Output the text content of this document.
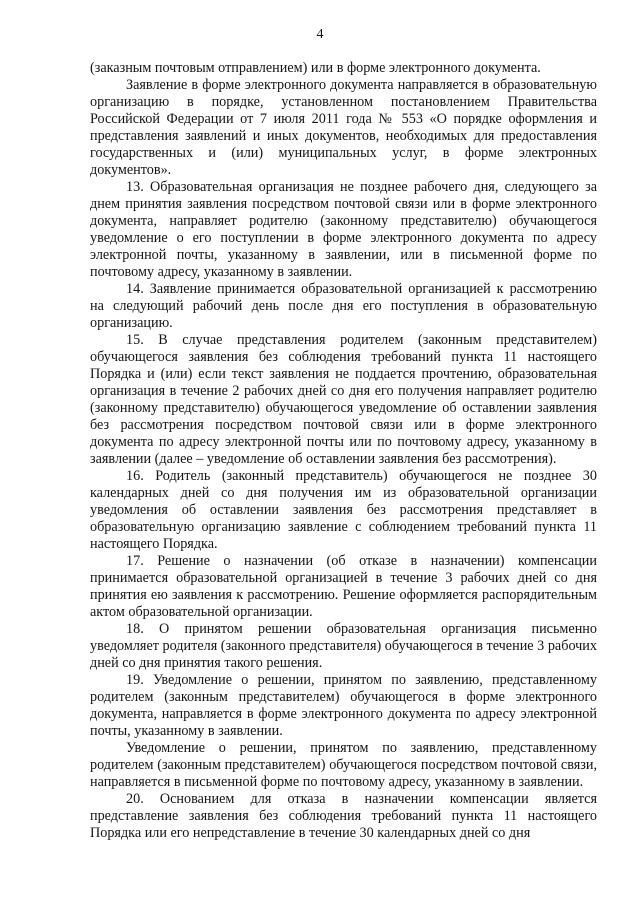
4

(заказным почтовым отправлением) или в форме электронного документа.

Заявление в форме электронного документа направляется в образовательную организацию в порядке, установленном постановлением Правительства Российской Федерации от 7 июля 2011 года № 553 «О порядке оформления и представления заявлений и иных документов, необходимых для предоставления государственных и (или) муниципальных услуг, в форме электронных документов».

13. Образовательная организация не позднее рабочего дня, следующего за днем принятия заявления посредством почтовой связи или в форме электронного документа, направляет родителю (законному представителю) обучающегося уведомление о его поступлении в форме электронного документа по адресу электронной почты, указанному в заявлении, или в письменной форме по почтовому адресу, указанному в заявлении.

14. Заявление принимается образовательной организацией к рассмотрению на следующий рабочий день после дня его поступления в образовательную организацию.

15. В случае представления родителем (законным представителем) обучающегося заявления без соблюдения требований пункта 11 настоящего Порядка и (или) если текст заявления не поддается прочтению, образовательная организация в течение 2 рабочих дней со дня его получения направляет родителю (законному представителю) обучающегося уведомление об оставлении заявления без рассмотрения посредством почтовой связи или в форме электронного документа по адресу электронной почты или по почтовому адресу, указанному в заявлении (далее – уведомление об оставлении заявления без рассмотрения).

16. Родитель (законный представитель) обучающегося не позднее 30 календарных дней со дня получения им из образовательной организации уведомления об оставлении заявления без рассмотрения представляет в образовательную организацию заявление с соблюдением требований пункта 11 настоящего Порядка.

17. Решение о назначении (об отказе в назначении) компенсации принимается образовательной организацией в течение 3 рабочих дней со дня принятия ею заявления к рассмотрению. Решение оформляется распорядительным актом образовательной организации.

18. О принятом решении образовательная организация письменно уведомляет родителя (законного представителя) обучающегося в течение 3 рабочих дней со дня принятия такого решения.

19. Уведомление о решении, принятом по заявлению, представленному родителем (законным представителем) обучающегося в форме электронного документа, направляется в форме электронного документа по адресу электронной почты, указанному в заявлении.

Уведомление о решении, принятом по заявлению, представленному родителем (законным представителем) обучающегося посредством почтовой связи, направляется в письменной форме по почтовому адресу, указанному в заявлении.

20. Основанием для отказа в назначении компенсации является представление заявления без соблюдения требований пункта 11 настоящего Порядка или его непредставление в течение 30 календарных дней со дня
